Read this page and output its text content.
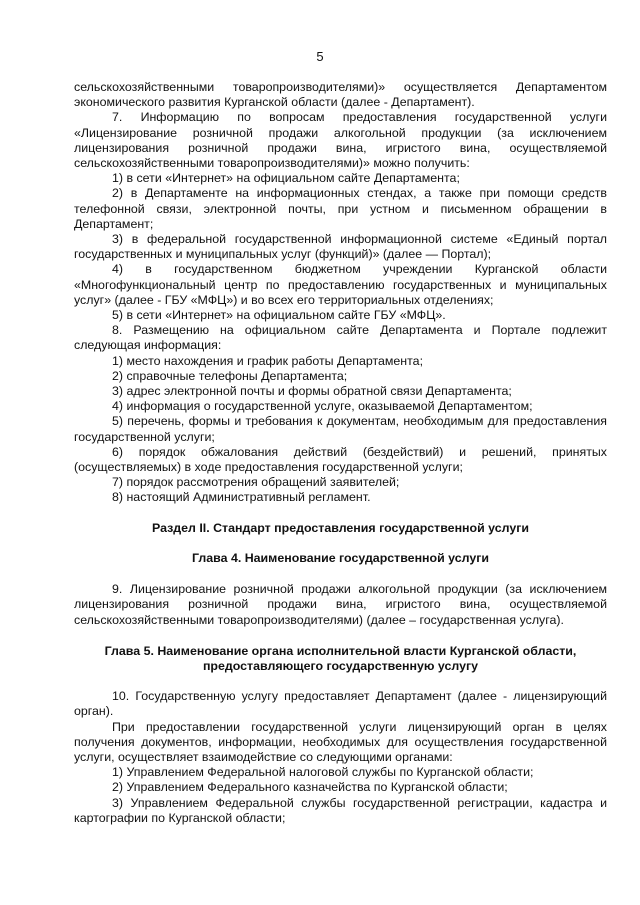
5

сельскохозяйственными товаропроизводителями)» осуществляется Департаментом экономического развития Курганской области (далее - Департамент).

7. Информацию по вопросам предоставления государственной услуги «Лицензирование розничной продажи алкогольной продукции (за исключением лицензирования розничной продажи вина, игристого вина, осуществляемой сельскохозяйственными товаропроизводителями)» можно получить:

1) в сети «Интернет» на официальном сайте Департамента;

2) в Департаменте на информационных стендах, а также при помощи средств телефонной связи, электронной почты, при устном и письменном обращении в Департамент;

3) в федеральной государственной информационной системе «Единый портал государственных и муниципальных услуг (функций)» (далее — Портал);

4) в государственном бюджетном учреждении Курганской области «Многофункциональный центр по предоставлению государственных и муниципальных услуг» (далее - ГБУ «МФЦ») и во всех его территориальных отделениях;

5) в сети «Интернет» на официальном сайте ГБУ «МФЦ».

8. Размещению на официальном сайте Департамента и Портале подлежит следующая информация:

1) место нахождения и график работы Департамента;

2) справочные телефоны Департамента;

3) адрес электронной почты и формы обратной связи Департамента;

4) информация о государственной услуге, оказываемой Департаментом;

5) перечень, формы и требования к документам, необходимым для предоставления государственной услуги;

6) порядок обжалования действий (бездействий) и решений, принятых (осуществляемых) в ходе предоставления государственной услуги;

7) порядок рассмотрения обращений заявителей;

8) настоящий Административный регламент.

Раздел II. Стандарт предоставления государственной услуги

Глава 4. Наименование государственной услуги

9. Лицензирование розничной продажи алкогольной продукции (за исключением лицензирования розничной продажи вина, игристого вина, осуществляемой сельскохозяйственными товаропроизводителями) (далее – государственная услуга).

Глава 5. Наименование органа исполнительной власти Курганской области,
предоставляющего государственную услугу

10. Государственную услугу предоставляет Департамент (далее - лицензирующий орган).

При предоставлении государственной услуги лицензирующий орган в целях получения документов, информации, необходимых для осуществления государственной услуги, осуществляет взаимодействие со следующими органами:

1) Управлением Федеральной налоговой службы по Курганской области;

2) Управлением Федерального казначейства по Курганской области;

3) Управлением Федеральной службы государственной регистрации, кадастра и картографии по Курганской области;
